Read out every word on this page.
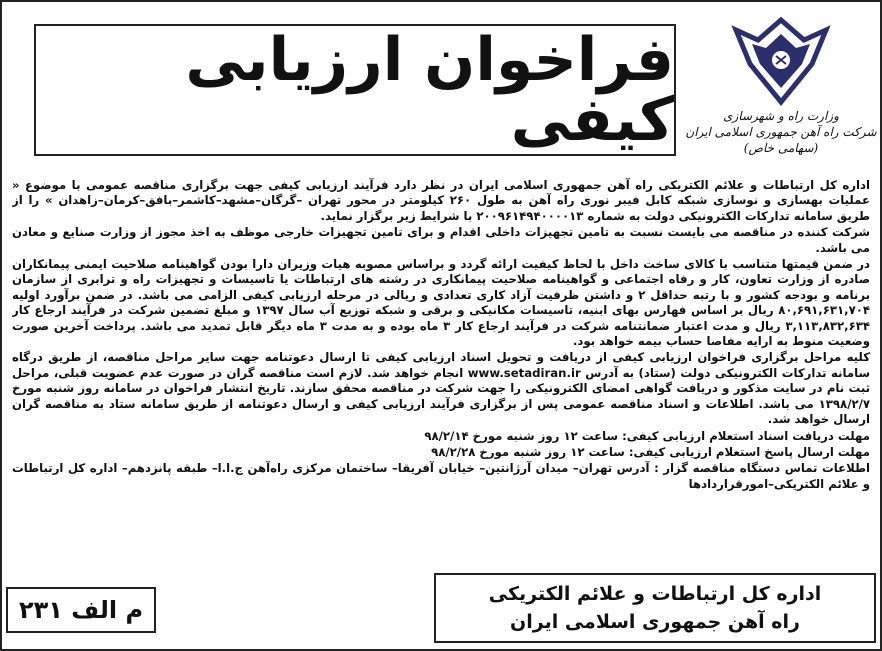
وزارت راه و شهرسازی
شرکت راه آهن جمهوری اسلامی ایران
(سهامی خاص)
فراخوان ارزیابی کیفی

اداره کل ارتباطات و علائم الکتریکی راه آهن جمهوری اسلامی ایران در نظر دارد فرآیند ارزیابی کیفی جهت برگزاری مناقصه عمومی با موضوع « عملیات بهسازی و نوسازی شبکه کابل فیبر نوری راه آهن به طول ۲۶۰ کیلومتر در محور تهران –گرگان–مشهد–کاشمر–بافق–کرمان–زاهدان » را از طریق سامانه تدارکات الکترونیکی دولت به شماره ۲۰۰۹۶۱۴۹۴۰۰۰۰۱۳ با شرایط زیر برگزار نماید.

شرکت کننده در مناقصه می بایست نسبت به تامین تجهیزات داخلی اقدام و برای تامین تجهیزات خارجی موظف به اخذ مجوز از وزارت صنایع و معادن می باشد.

در ضمن قیمتها متناسب با کالای ساخت داخل با لحاظ کیفیت ارائه گردد و براساس مصوبه هیات وزیران دارا بودن گواهینامه صلاحیت ایمنی پیمانکاران صادره از وزارت تعاون، کار و رفاه اجتماعی و گواهینامه صلاحیت پیمانکاری در رشته های ارتباطات یا تاسیسات و تجهیزات راه و ترابری از سازمان برنامه و بودجه کشور و با رتبه حداقل ۲ و داشتن ظرفیت آزاد کاری تعدادی و ریالی در مرحله ارزیابی کیفی الزامی می باشد. در ضمن برآورد اولیه ۸۰,۶۹۱,۶۳۱,۷۰۴ ریال بر اساس فهارس بهای ابنیه، تاسیسات مکانیکی و برقی و شبکه توزیع آب سال ۱۳۹۷ و مبلغ تضمین شرکت در فرآیند ارجاع کار ۳,۱۱۳,۸۳۲,۶۳۴ ریال و مدت اعتبار ضمانتنامه شرکت در فرآیند ارجاع کار ۳ ماه بوده و به مدت ۳ ماه دیگر قابل تمدید می باشد. پرداخت آخرین صورت وضعیت منوط به ارایه مفاصا حساب بیمه خواهد بود.

کلیه مراحل برگزاری فراخوان ارزیابی کیفی از دریافت و تحویل اسناد ارزیابی کیفی تا ارسال دعوتنامه جهت سایر مراحل مناقصه، از طریق درگاه سامانه تدارکات الکترونیکی دولت (ستاد) به آدرس www.setadiran.ir انجام خواهد شد. لازم است مناقصه گران در صورت عدم عضویت قبلی، مراحل ثبت نام در سایت مذکور و دریافت گواهی امضای الکترونیکی را جهت شرکت در مناقصه محقق سازند. تاریخ انتشار فراخوان در سامانه روز شنبه مورخ ۱۳۹۸/۲/۷ می باشد. اطلاعات و اسناد مناقصه عمومی پس از برگزاری فرآیند ارزیابی کیفی و ارسال دعوتنامه از طریق سامانه ستاد به مناقصه گران ارسال خواهد شد.

مهلت دریافت اسناد استعلام ارزیابی کیفی: ساعت ۱۲ روز شنبه مورخ ۹۸/۲/۱۴

مهلت ارسال پاسخ استعلام ارزیابی کیفی: ساعت ۱۲ روز شنبه مورخ ۹۸/۲/۲۸

اطلاعات تماس دستگاه مناقصه گزار : آدرس تهران– میدان آرژانتین– خیابان آفریقا– ساختمان مرکزی راه‌آهن ج.ا.ا– طبقه پانزدهم– اداره کل ارتباطات و علائم الکتریکی–امورقراردادها

اداره کل ارتباطات و علائم الکتریکی
راه آهن جمهوری اسلامی ایران
م الف ۲۳۱
